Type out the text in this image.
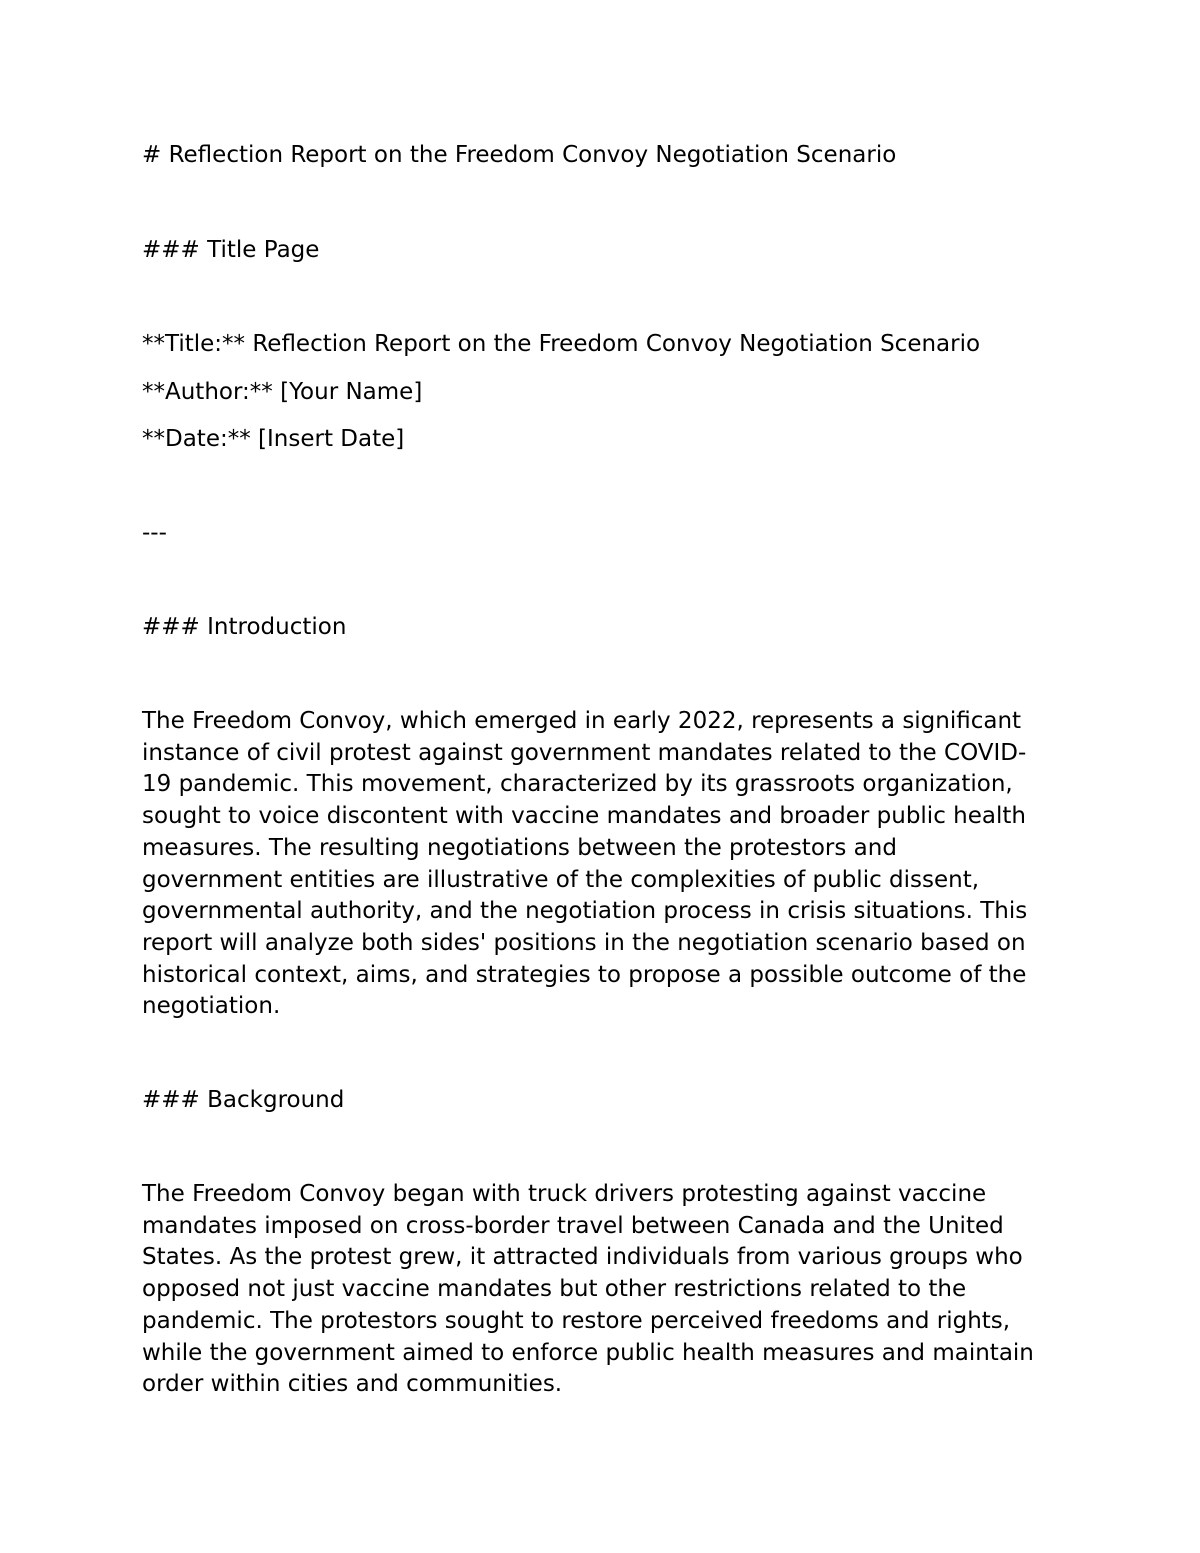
# Reflection Report on the Freedom Convoy Negotiation Scenario

### Title Page

**Title:** Reflection Report on the Freedom Convoy Negotiation Scenario

**Author:** [Your Name]

**Date:** [Insert Date]

---

### Introduction

The Freedom Convoy, which emerged in early 2022, represents a significant
instance of civil protest against government mandates related to the COVID-
19 pandemic. This movement, characterized by its grassroots organization,
sought to voice discontent with vaccine mandates and broader public health
measures. The resulting negotiations between the protestors and
government entities are illustrative of the complexities of public dissent,
governmental authority, and the negotiation process in crisis situations. This
report will analyze both sides' positions in the negotiation scenario based on
historical context, aims, and strategies to propose a possible outcome of the
negotiation.

### Background

The Freedom Convoy began with truck drivers protesting against vaccine
mandates imposed on cross-border travel between Canada and the United
States. As the protest grew, it attracted individuals from various groups who
opposed not just vaccine mandates but other restrictions related to the
pandemic. The protestors sought to restore perceived freedoms and rights,
while the government aimed to enforce public health measures and maintain
order within cities and communities.
